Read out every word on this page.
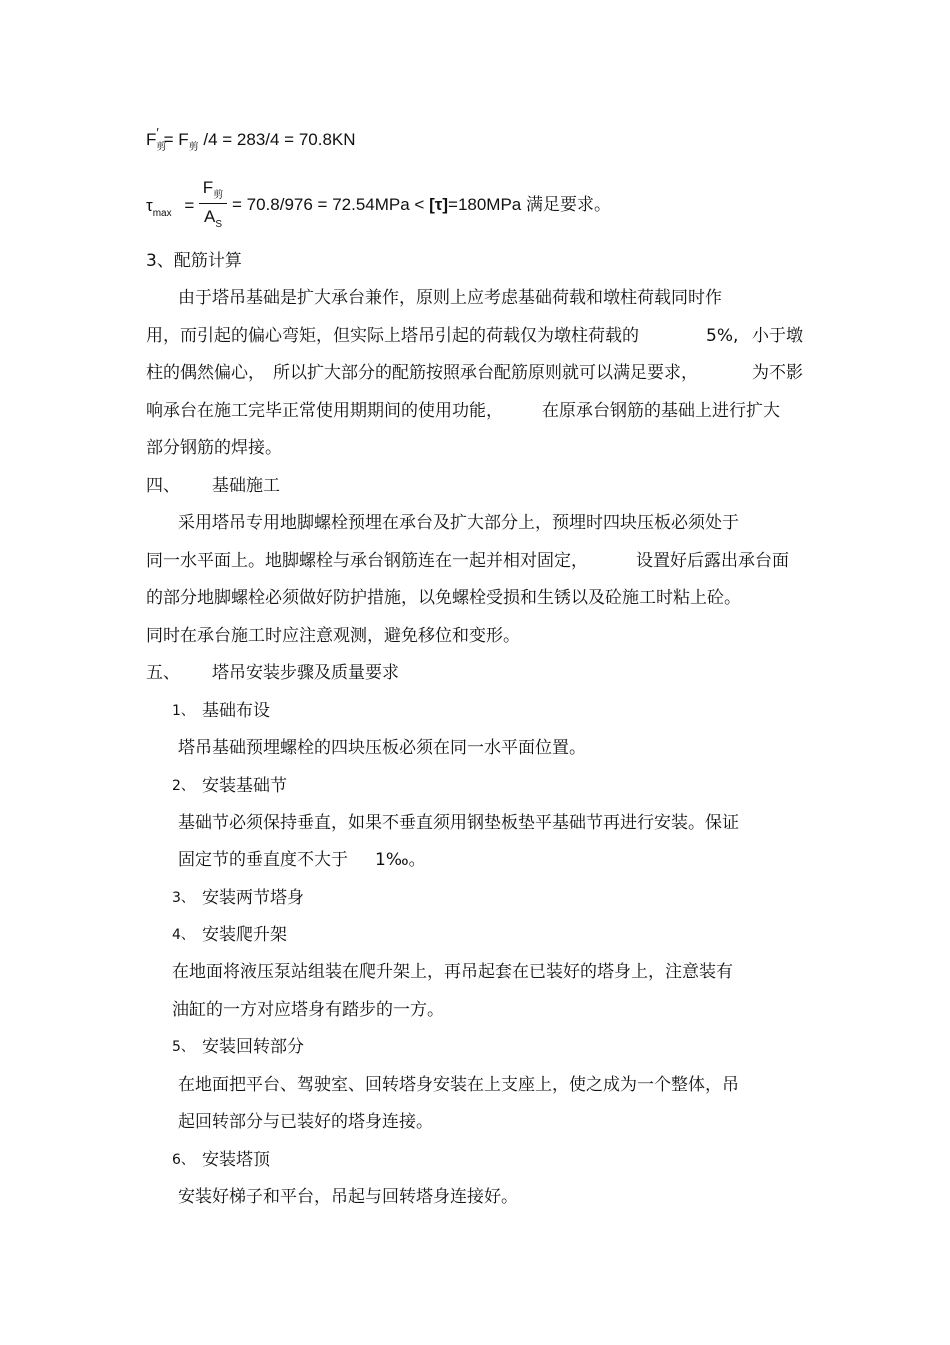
$F_剪' = F_剪$ /4 = 283/4 = 70.8KN
$\tau_{max}$ =
$F_剪$
$A_S$
= 70.8/976 = 72.54MPa < [τ]=180MPa 满足要求。
3、配筋计算
由于塔吊基础是扩大承台兼作，原则上应考虑基础荷载和墩柱荷载同时作
用，而引起的偏心弯矩，但实际上塔吊引起的荷载仅为墩柱荷载的	5%, 小于墩
柱的偶然偏心， 所以扩大部分的配筋按照承台配筋原则就可以满足要求，	为不影
响承台在施工完毕正常使用期期间的使用功能， 在原承台钢筋的基础上进行扩大
部分钢筋的焊接。
四、 基础施工
采用塔吊专用地脚螺栓预埋在承台及扩大部分上，预埋时四块压板必须处于
同一水平面上。地脚螺栓与承台钢筋连在一起并相对固定，	设置好后露出承台面
的部分地脚螺栓必须做好防护措施，以免螺栓受损和生锈以及砼施工时粘上砼。
同时在承台施工时应注意观测，避免移位和变形。
五、 塔吊安装步骤及质量要求
1、 基础布设
塔吊基础预埋螺栓的四块压板必须在同一水平面位置。
2、 安装基础节
基础节必须保持垂直，如果不垂直须用钢垫板垫平基础节再进行安装。保证
固定节的垂直度不大于 1‰。
3、 安装两节塔身
4、 安装爬升架
在地面将液压泵站组装在爬升架上，再吊起套在已装好的塔身上，注意装有
油缸的一方对应塔身有踏步的一方。
5、 安装回转部分
在地面把平台、驾驶室、回转塔身安装在上支座上，使之成为一个整体，吊
起回转部分与已装好的塔身连接。
6、 安装塔顶
安装好梯子和平台，吊起与回转塔身连接好。
